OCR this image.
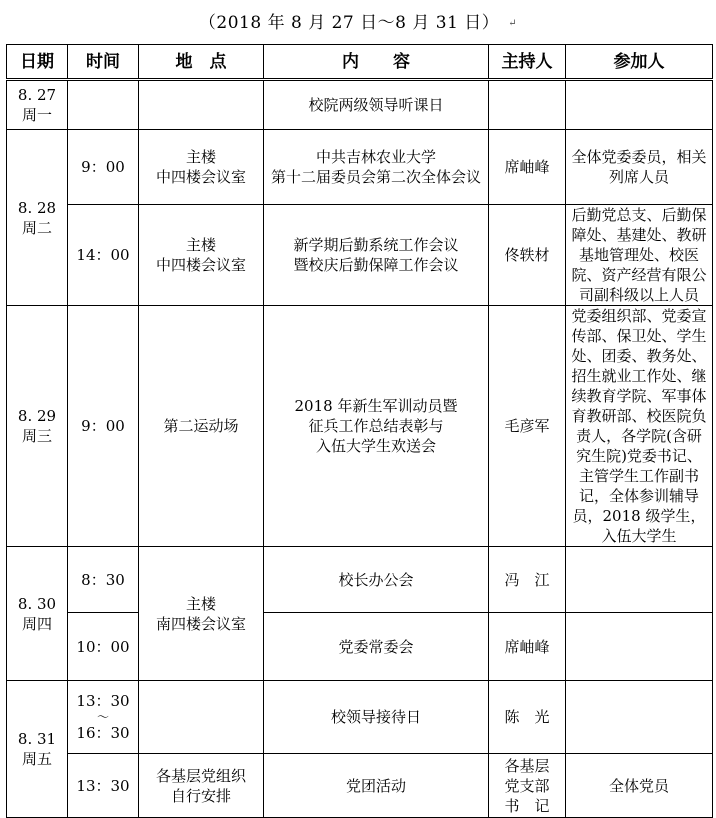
（2018 年 8 月 27 日～8 月 31 日） ↵
日期	时间	地　点	内　　容	主持人	参加人

8. 27
周一			校院两级领导听课日		

8. 28
周二	9：00	主楼
中四楼会议室	中共吉林农业大学
第十二届委员会第二次全体会议	席岫峰	全体党委委员，相关列席人员
	14：00	主楼
中四楼会议室	新学期后勤系统工作会议
暨校庆后勤保障工作会议	佟轶材	后勤党总支、后勤保障处、基建处、教研基地管理处、校医院、资产经营有限公司副科级以上人员

8. 29
周三	9：00	第二运动场	2018 年新生军训动员暨
征兵工作总结表彰与
入伍大学生欢送会	毛彦军	党委组织部、党委宣传部、保卫处、学生处、团委、教务处、招生就业工作处、继续教育学院、军事体育教研部、校医院负责人，各学院(含研究生院)党委书记、主管学生工作副书记，全体参训辅导员，2018 级学生，入伍大学生

8. 30
周四	8：30	主楼
南四楼会议室	校长办公会	冯　江	
	10：00		党委常委会	席岫峰	

8. 31
周五	13：30
～
16：30		校领导接待日	陈　光	
	13：30	各基层党组织
自行安排	党团活动	各基层
党支部
书　记	全体党员
